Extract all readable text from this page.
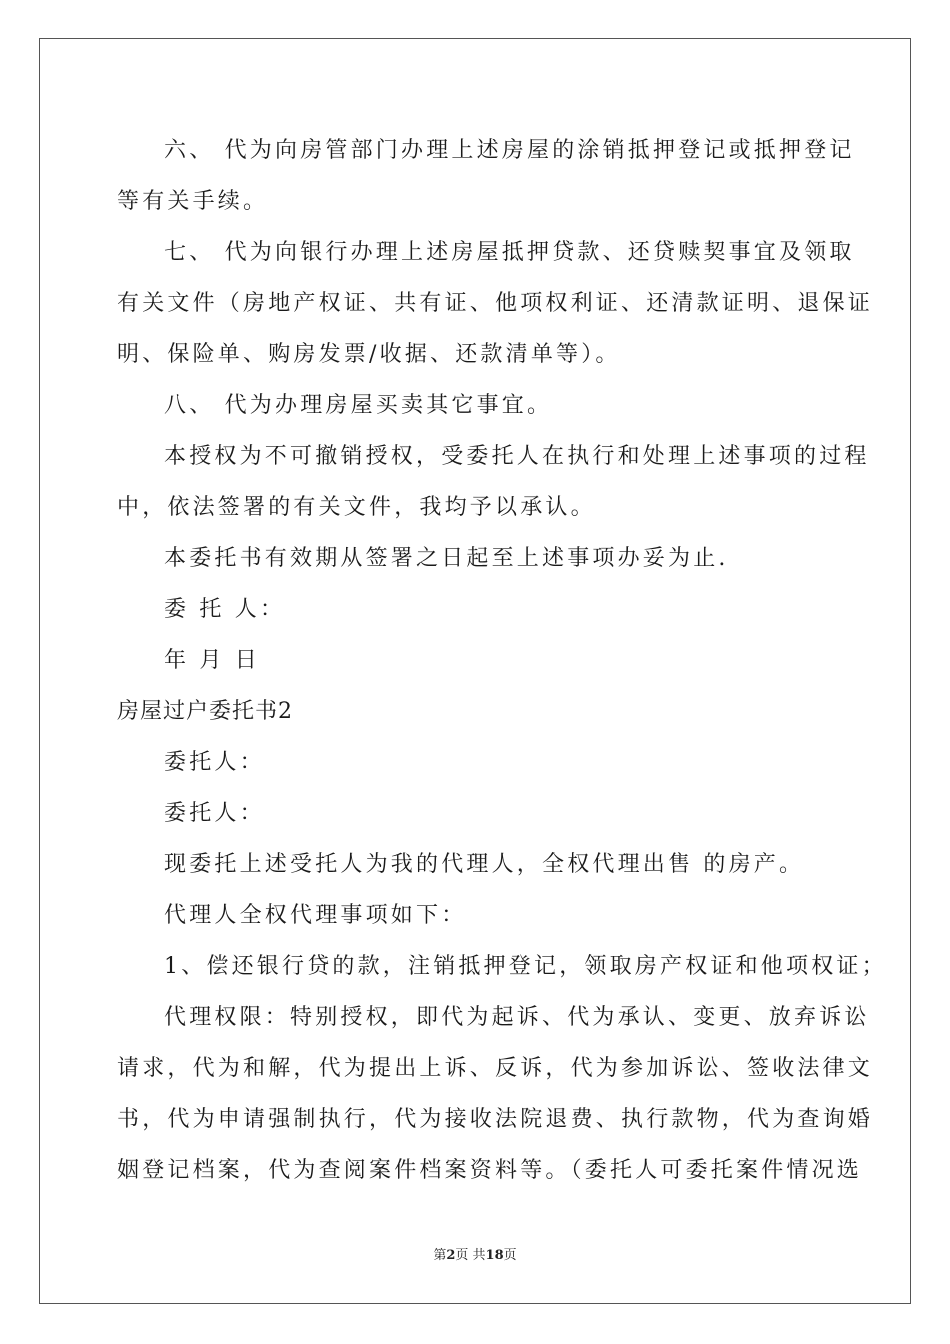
六、 代为向房管部门办理上述房屋的涂销抵押登记或抵押登记
等有关手续。
七、 代为向银行办理上述房屋抵押贷款、还贷赎契事宜及领取
有关文件（房地产权证、共有证、他项权利证、还清款证明、退保证
明、保险单、购房发票/收据、还款清单等）。
八、 代为办理房屋买卖其它事宜。
本授权为不可撤销授权，受委托人在执行和处理上述事项的过程
中，依法签署的有关文件，我均予以承认。
本委托书有效期从签署之日起至上述事项办妥为止.
委 托 人：
年 月 日
房屋过户委托书2
委托人：
委托人：
现委托上述受托人为我的代理人，全权代理出售 的房产。
代理人全权代理事项如下：
1、偿还银行贷的款，注销抵押登记，领取房产权证和他项权证；
代理权限：特别授权，即代为起诉、代为承认、变更、放弃诉讼
请求，代为和解，代为提出上诉、反诉，代为参加诉讼、签收法律文
书，代为申请强制执行，代为接收法院退费、执行款物，代为查询婚
姻登记档案，代为查阅案件档案资料等。（委托人可委托案件情况选
第2页 共18页
